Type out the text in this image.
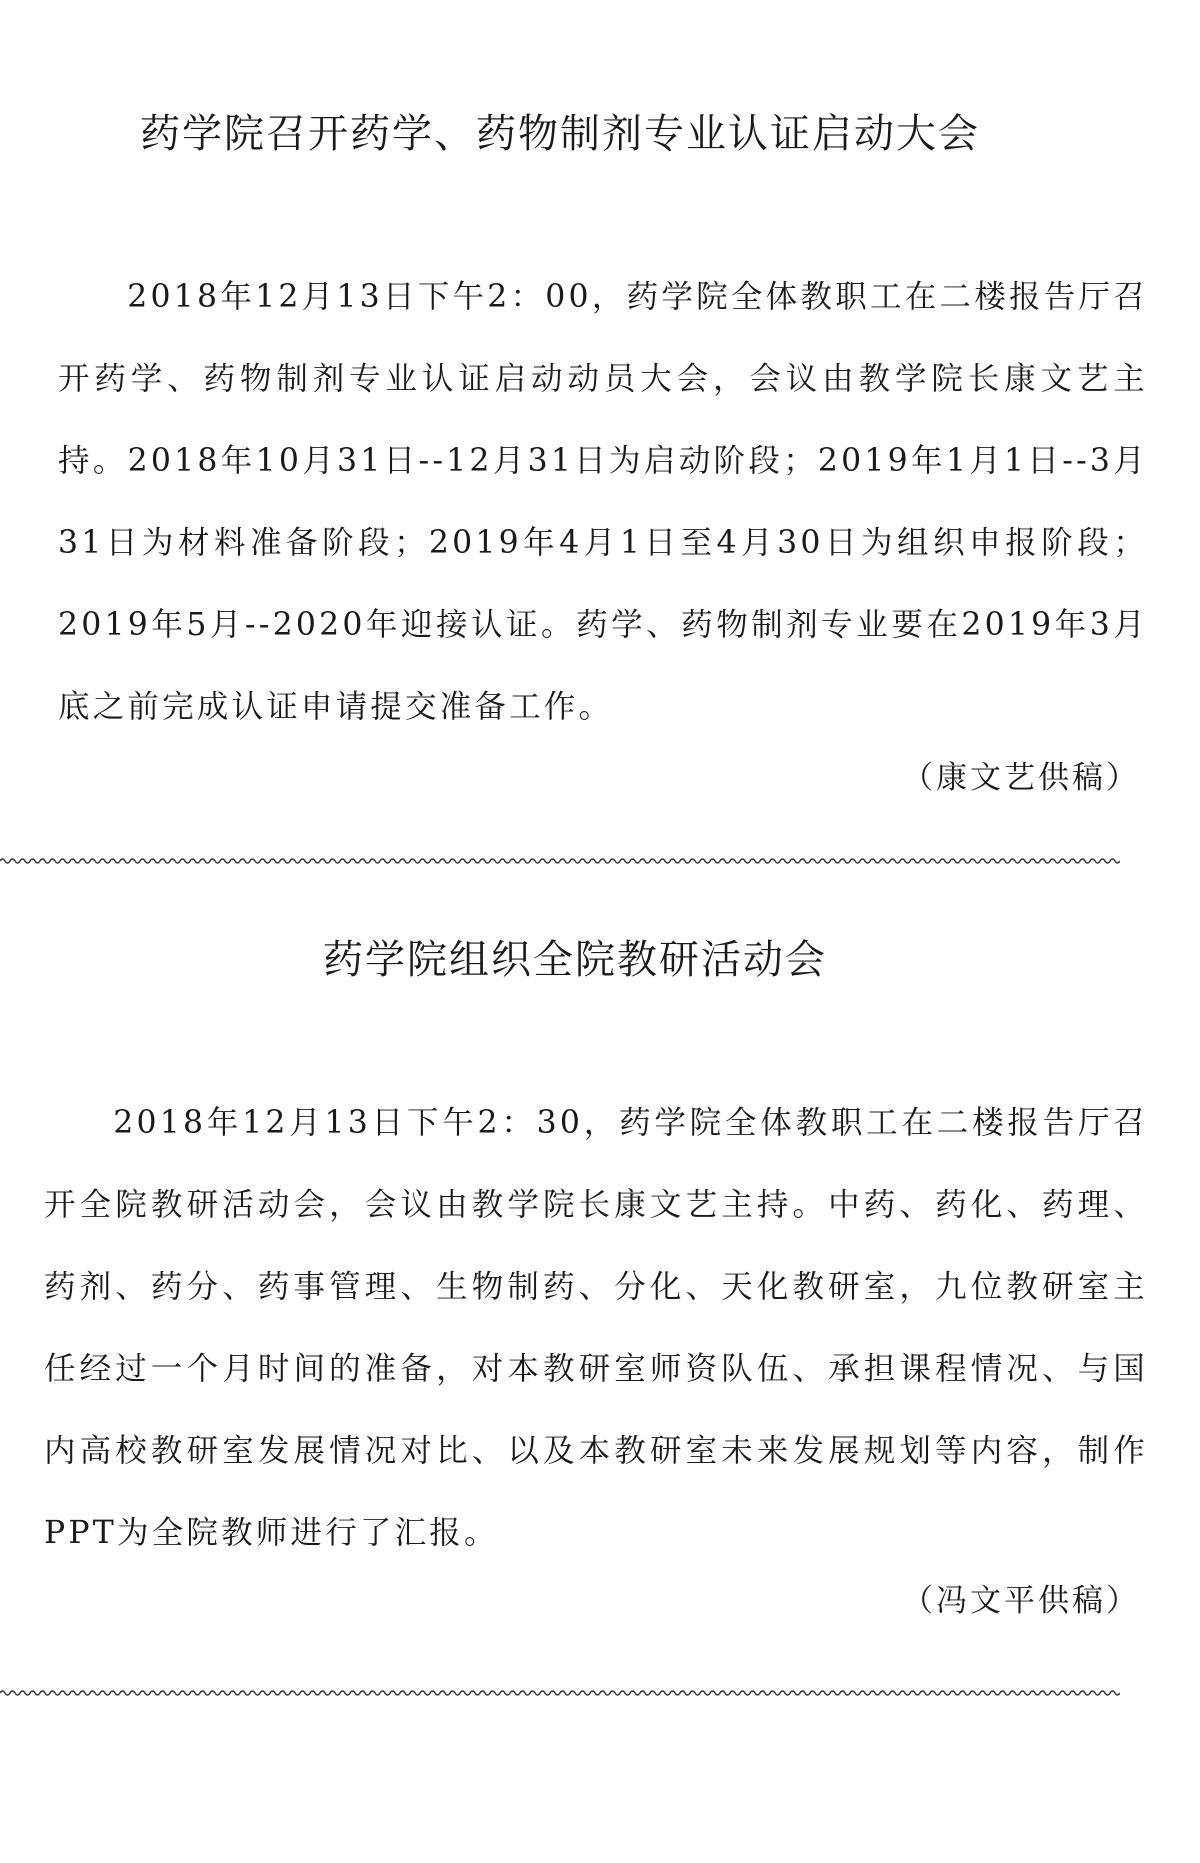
药学院召开药学、药物制剂专业认证启动大会

2018年12月13日下午2：00，药学院全体教职工在二楼报告厅召开药学、药物制剂专业认证启动动员大会，会议由教学院长康文艺主持。2018年10月31日--12月31日为启动阶段；2019年1月1日--3月31日为材料准备阶段；2019年4月1日至4月30日为组织申报阶段；2019年5月--2020年迎接认证。药学、药物制剂专业要在2019年3月底之前完成认证申请提交准备工作。

（康文艺供稿）

药学院组织全院教研活动会

2018年12月13日下午2：30，药学院全体教职工在二楼报告厅召开全院教研活动会，会议由教学院长康文艺主持。中药、药化、药理、药剂、药分、药事管理、生物制药、分化、天化教研室，九位教研室主任经过一个月时间的准备，对本教研室师资队伍、承担课程情况、与国内高校教研室发展情况对比、以及本教研室未来发展规划等内容，制作PPT为全院教师进行了汇报。

（冯文平供稿）
